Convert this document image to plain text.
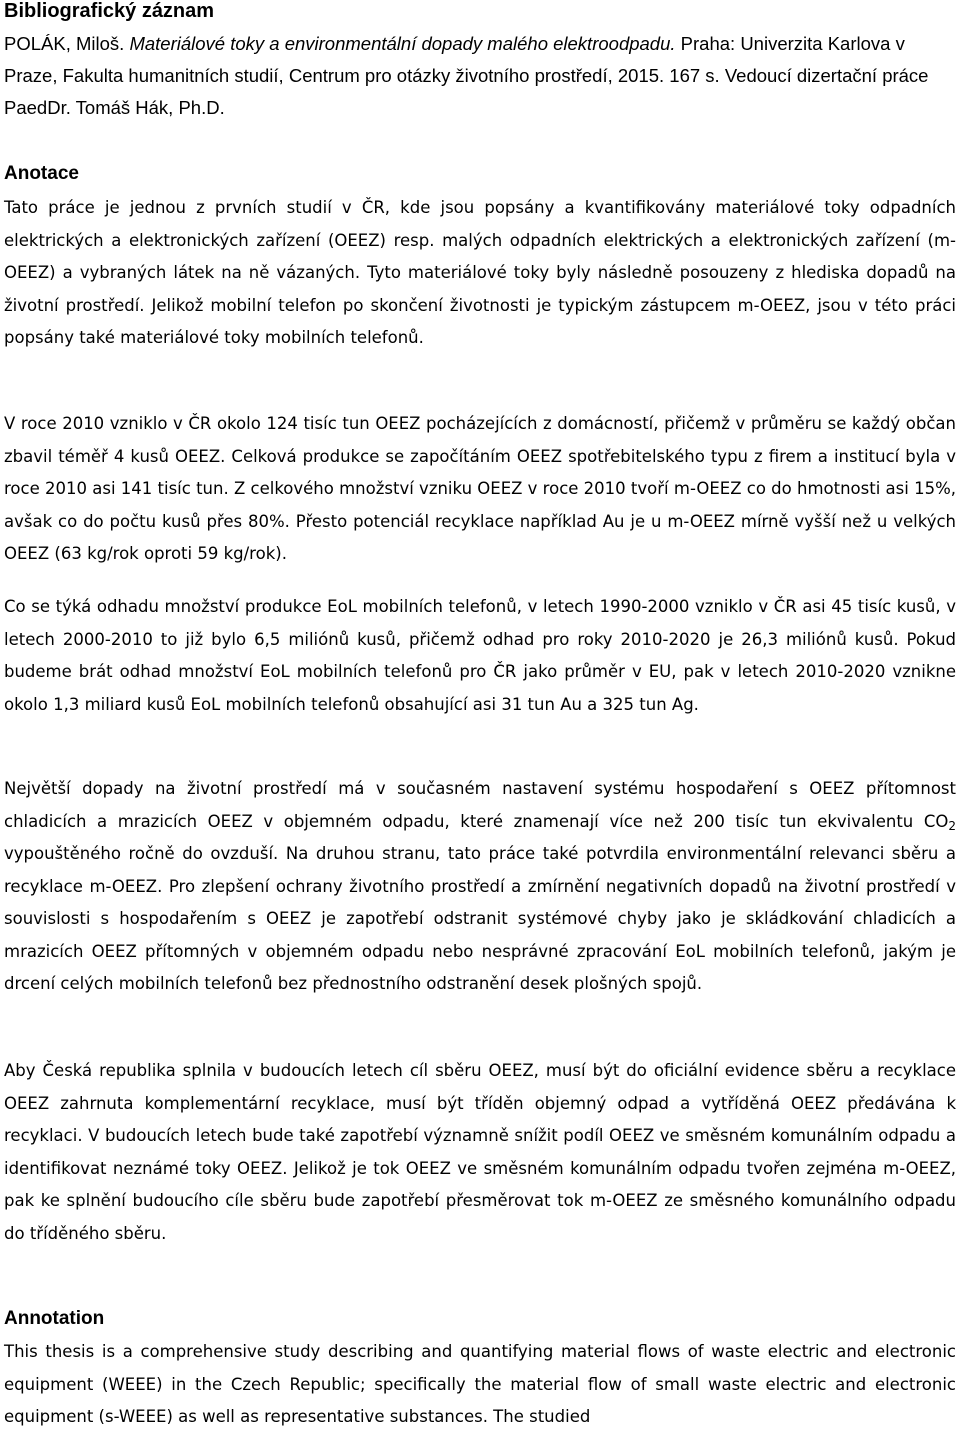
Bibliografický záznam

POLÁK, Miloš. Materiálové toky a environmentální dopady malého elektroodpadu. Praha: Univerzita Karlova v Praze, Fakulta humanitních studií, Centrum pro otázky životního prostředí, 2015. 167 s. Vedoucí dizertační práce PaedDr. Tomáš Hák, Ph.D.

Anotace

Tato práce je jednou z prvních studií v ČR, kde jsou popsány a kvantifikovány materiálové toky odpadních elektrických a elektronických zařízení (OEEZ) resp. malých odpadních elektrických a elektronických zařízení (m-OEEZ) a vybraných látek na ně vázaných. Tyto materiálové toky byly následně posouzeny z hlediska dopadů na životní prostředí. Jelikož mobilní telefon po skončení životnosti je typickým zástupcem m-OEEZ, jsou v této práci popsány také materiálové toky mobilních telefonů.

V roce 2010 vzniklo v ČR okolo 124 tisíc tun OEEZ pocházejících z domácností, přičemž v průměru se každý občan zbavil téměř 4 kusů OEEZ. Celková produkce se započítáním OEEZ spotřebitelského typu z firem a institucí byla v roce 2010 asi 141 tisíc tun. Z celkového množství vzniku OEEZ v roce 2010 tvoří m-OEEZ co do hmotnosti asi 15%, avšak co do počtu kusů přes 80%. Přesto potenciál recyklace například Au je u m-OEEZ mírně vyšší než u velkých OEEZ (63 kg/rok oproti 59 kg/rok).

Co se týká odhadu množství produkce EoL mobilních telefonů, v letech 1990-2000 vzniklo v ČR asi 45 tisíc kusů, v letech 2000-2010 to již bylo 6,5 miliónů kusů, přičemž odhad pro roky 2010-2020 je 26,3 miliónů kusů. Pokud budeme brát odhad množství EoL mobilních telefonů pro ČR jako průměr v EU, pak v letech 2010-2020 vznikne okolo 1,3 miliard kusů EoL mobilních telefonů obsahující asi 31 tun Au a 325 tun Ag.

Největší dopady na životní prostředí má v současném nastavení systému hospodaření s OEEZ přítomnost chladicích a mrazicích OEEZ v objemném odpadu, které znamenají více než 200 tisíc tun ekvivalentu $CO_2$ vypouštěného ročně do ovzduší. Na druhou stranu, tato práce také potvrdila environmentální relevanci sběru a recyklace m-OEEZ. Pro zlepšení ochrany životního prostředí a zmírnění negativních dopadů na životní prostředí v souvislosti s hospodařením s OEEZ je zapotřebí odstranit systémové chyby jako je skládkování chladicích a mrazicích OEEZ přítomných v objemném odpadu nebo nesprávné zpracování EoL mobilních telefonů, jakým je drcení celých mobilních telefonů bez přednostního odstranění desek plošných spojů.

Aby Česká republika splnila v budoucích letech cíl sběru OEEZ, musí být do oficiální evidence sběru a recyklace OEEZ zahrnuta komplementární recyklace, musí být tříděn objemný odpad a vytříděná OEEZ předávána k recyklaci. V budoucích letech bude také zapotřebí významně snížit podíl OEEZ ve směsném komunálním odpadu a identifikovat neznámé toky OEEZ. Jelikož je tok OEEZ ve směsném komunálním odpadu tvořen zejména m-OEEZ, pak ke splnění budoucího cíle sběru bude zapotřebí přesměrovat tok m-OEEZ ze směsného komunálního odpadu do tříděného sběru.

Annotation

This thesis is a comprehensive study describing and quantifying material flows of waste electric and electronic equipment (WEEE) in the Czech Republic; specifically the material flow of small waste electric and electronic equipment (s-WEEE) as well as representative substances. The studied
